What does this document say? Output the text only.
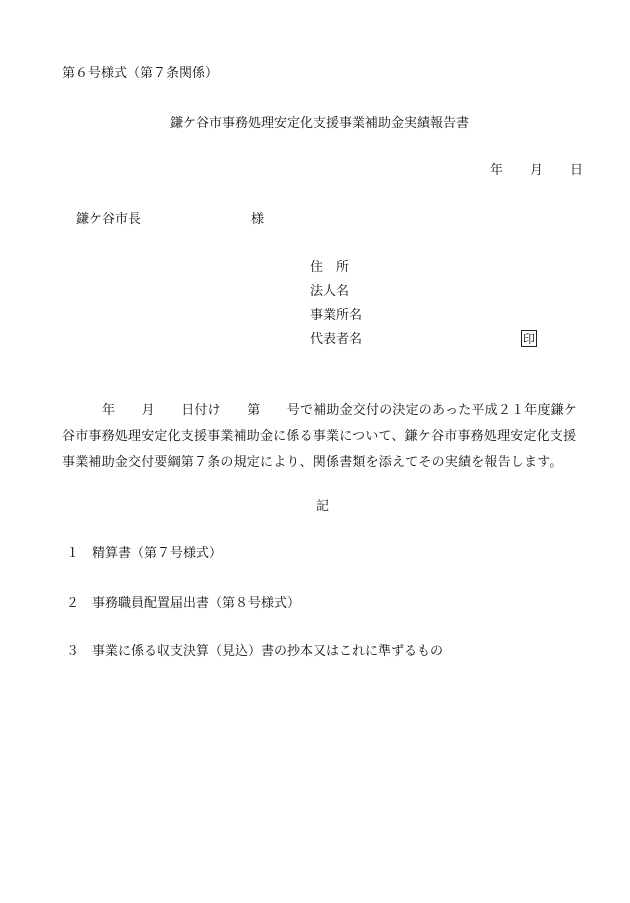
第６号様式（第７条関係）
鎌ケ谷市事務処理安定化支援事業補助金実績報告書
年 月 日
鎌ケ谷市長	様
住　所
法人名
事業所名
代表者名	印
年　　月　　日付け　　第　　号で補助金交付の決定のあった平成２１年度鎌ケ
谷市事務処理安定化支援事業補助金に係る事業について、鎌ケ谷市事務処理安定化支援
事業補助金交付要綱第７条の規定により、関係書類を添えてその実績を報告します。
記
１ 精算書（第７号様式）
２ 事務職員配置届出書（第８号様式）
３ 事業に係る収支決算（見込）書の抄本又はこれに準ずるもの
